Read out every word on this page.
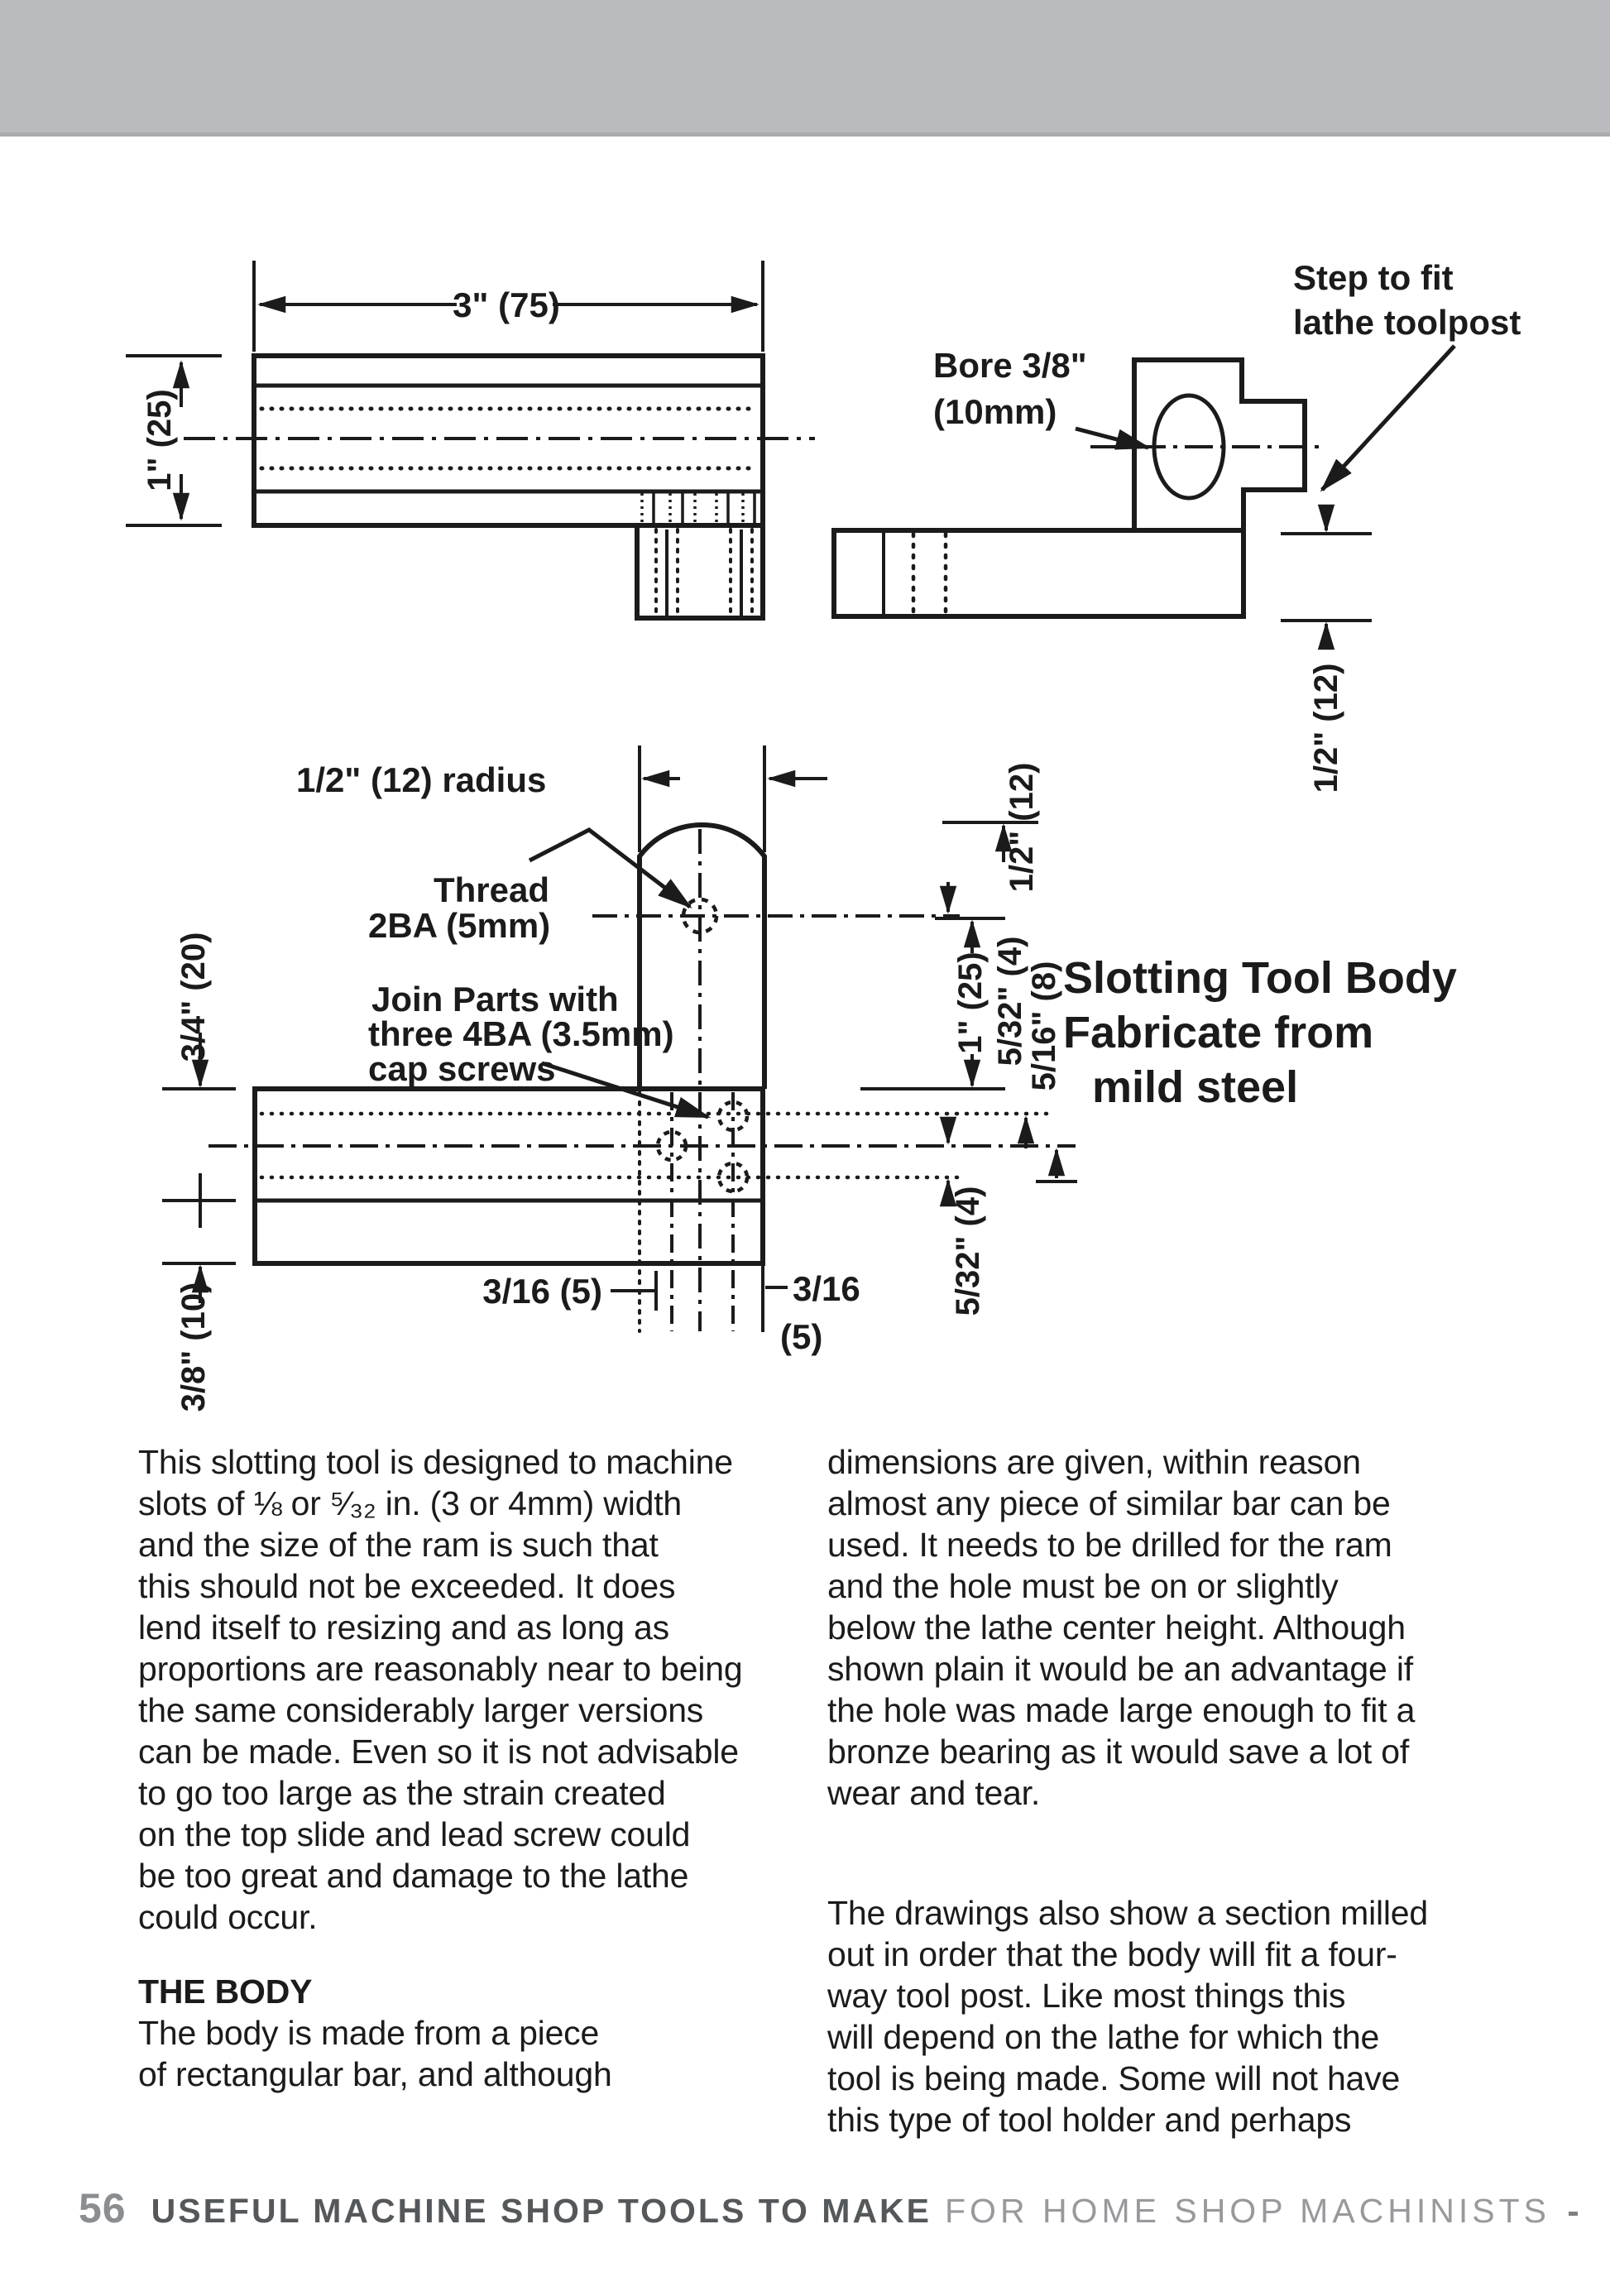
3" (75)
1" (25)
Bore 3/8"
(10mm)
Step to fit
lathe toolpost
1/2" (12)
1/2" (12) radius	1/2" (12)
Thread
2BA (5mm)
Join Parts with
three 4BA (3.5mm)
cap screws
3/4" (20)
3/8" (10)
1" (25) 5/32" (4)
5/16" (8)
5/32" (4)
3/16 (5)	3/16
(5)
Slotting Tool Body
Fabricate from
mild steel
This slotting tool is designed to machine
slots of ⅛ or ⁵⁄₃₂ in. (3 or 4mm) width
and the size of the ram is such that
this should not be exceeded. It does
lend itself to resizing and as long as
proportions are reasonably near to being
the same considerably larger versions
can be made. Even so it is not advisable
to go too large as the strain created
on the top slide and lead screw could
be too great and damage to the lathe
could occur.
THE BODY
The body is made from a piece
of rectangular bar, and although
dimensions are given, within reason
almost any piece of similar bar can be
used. It needs to be drilled for the ram
and the hole must be on or slightly
below the lathe center height. Although
shown plain it would be an advantage if
the hole was made large enough to fit a
bronze bearing as it would save a lot of
wear and tear.
The drawings also show a section milled
out in order that the body will fit a four-
way tool post. Like most things this
will depend on the lathe for which the
tool is being made. Some will not have
this type of tool holder and perhaps
56 USEFUL MACHINE SHOP TOOLS TO MAKE FOR HOME SHOP MACHINISTS
